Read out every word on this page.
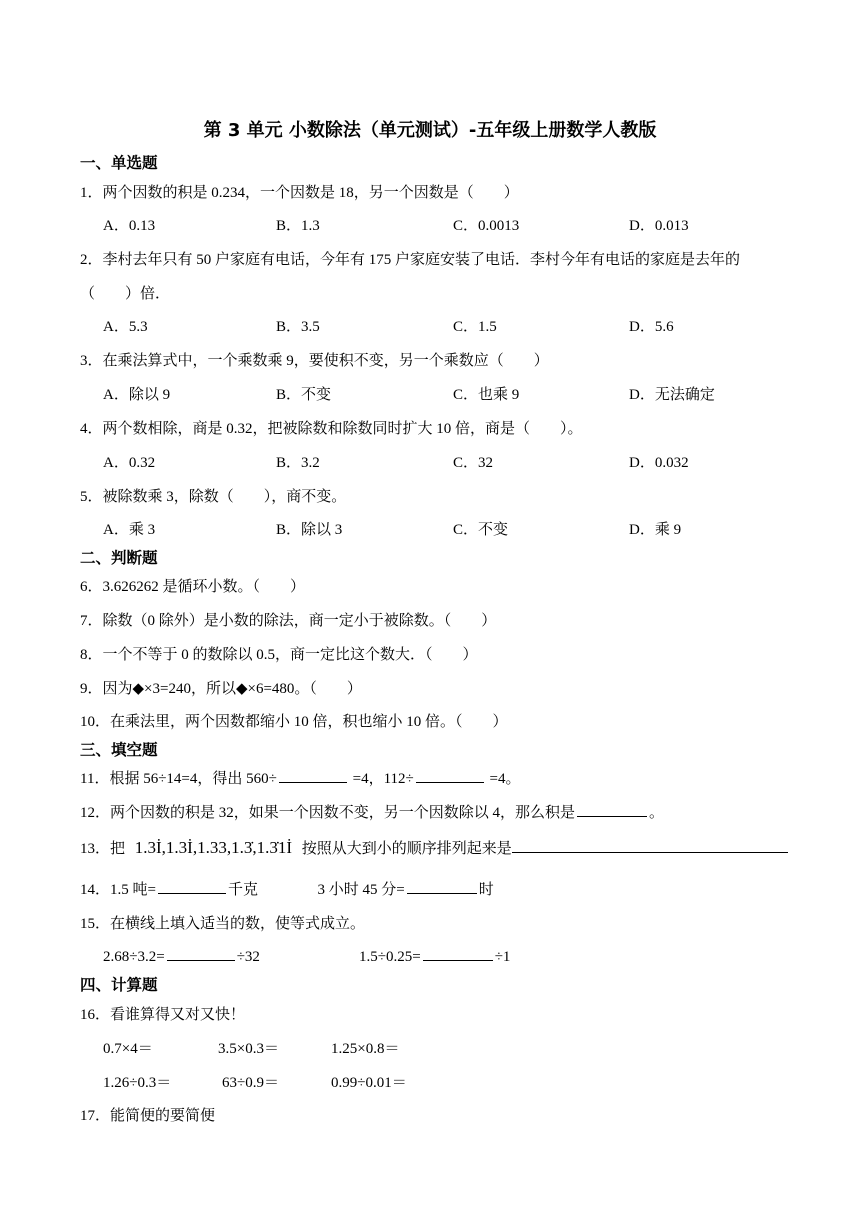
第 3 单元 小数除法（单元测试）-五年级上册数学人教版
一、单选题
1．两个因数的积是 0.234，一个因数是 18，另一个因数是（　　）
A．0.13	B．1.3	C．0.0013	D．0.013
2．李村去年只有 50 户家庭有电话，今年有 175 户家庭安装了电话．李村今年有电话的家庭是去年的
（　　）倍．
A．5.3	B．3.5	C．1.5	D．5.6
3．在乘法算式中，一个乘数乘 9，要使积不变，另一个乘数应（　　）
A．除以 9	B．不变	C．也乘 9	D．无法确定
4．两个数相除，商是 0.32，把被除数和除数同时扩大 10 倍，商是（　　）。
A．0.32	B．3.2	C．32	D．0.032
5．被除数乘 3，除数（　　），商不变。
A．乘 3	B．除以 3	C．不变	D．乘 9
二、判断题
6．3.626262 是循环小数。（　　）
7．除数（0 除外）是小数的除法，商一定小于被除数。（　　）
8．一个不等于 0 的数除以 0.5，商一定比这个数大．（　　）
9．因为◆×3=240，所以◆×6=480。（　　）
10．在乘法里，两个因数都缩小 10 倍，积也缩小 10 倍。（　　）
三、填空题
11．根据 56÷14=4，得出 560÷	=4，112÷	=4。
12．两个因数的积是 32，如果一个因数不变，另一个因数除以 4，那么积是	。
13．把 1.3İ,1.3İ,1.33,1.3̇,1.3̇1İ 按照从大到小的顺序排列起来是
14．1.5 吨=	千克	3 小时 45 分=	时
15．在横线上填入适当的数，使等式成立。
2.68÷3.2=	÷32	1.5÷0.25=	÷1
四、计算题
16．看谁算得又对又快！
0.7×4＝	3.5×0.3＝	1.25×0.8＝
1.26÷0.3＝	63÷0.9＝	0.99÷0.01＝
17．能简便的要简便
